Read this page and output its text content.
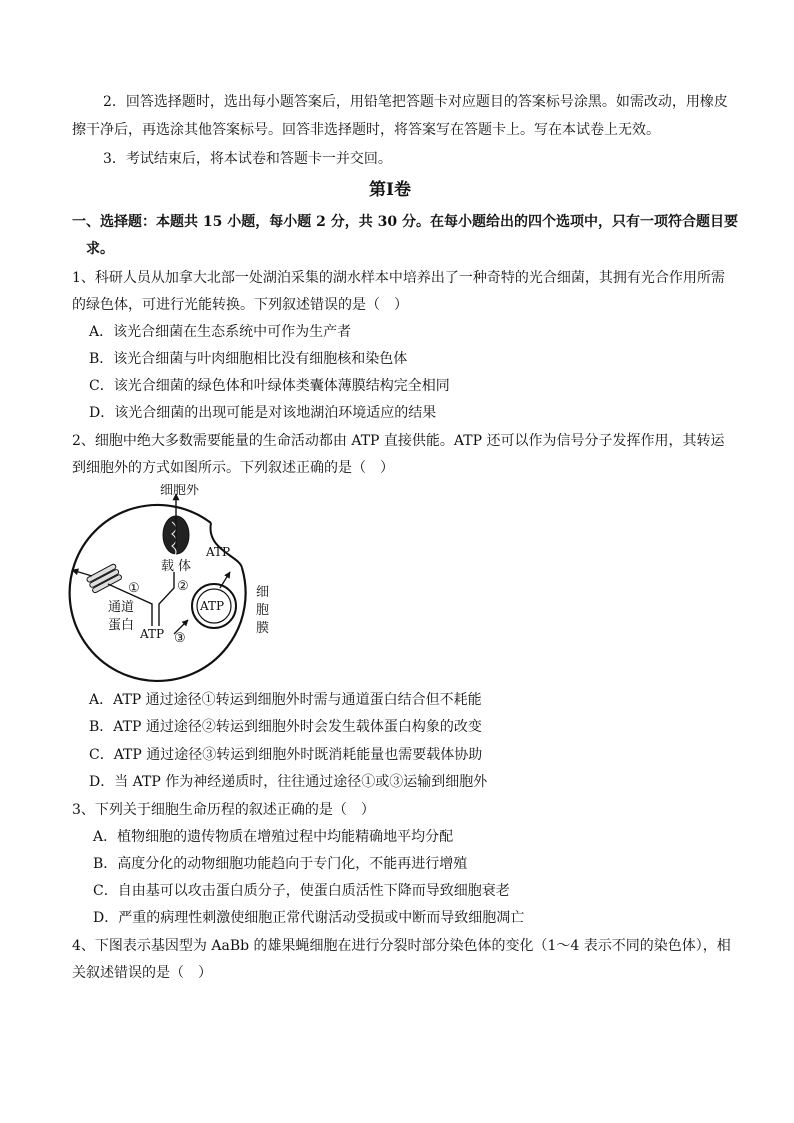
2．回答选择题时，选出每小题答案后，用铅笔把答题卡对应题目的答案标号涂黑。如需改动，用橡皮
擦干净后，再选涂其他答案标号。回答非选择题时，将答案写在答题卡上。写在本试卷上无效。
3．考试结束后，将本试卷和答题卡一并交回。
第Ⅰ卷
一、选择题：本题共 15 小题，每小题 2 分，共 30 分。在每小题给出的四个选项中，只有一项符合题目要
求。
1、科研人员从加拿大北部一处湖泊采集的湖水样本中培养出了一种奇特的光合细菌，其拥有光合作用所需
的绿色体，可进行光能转换。下列叙述错误的是（　）
A．该光合细菌在生态系统中可作为生产者
B．该光合细菌与叶肉细胞相比没有细胞核和染色体
C．该光合细菌的绿色体和叶绿体类囊体薄膜结构完全相同
D．该光合细菌的出现可能是对该地湖泊环境适应的结果
2、细胞中绝大多数需要能量的生命活动都由 ATP 直接供能。ATP 还可以作为信号分子发挥作用，其转运
到细胞外的方式如图所示。下列叙述正确的是（　）
ATP
细胞外
载 体
②
①
通道
蛋白
ATP ③
ATP
细
胞
膜
A．ATP 通过途径①转运到细胞外时需与通道蛋白结合但不耗能
B．ATP 通过途径②转运到细胞外时会发生载体蛋白构象的改变
C．ATP 通过途径③转运到细胞外时既消耗能量也需要载体协助
D．当 ATP 作为神经递质时，往往通过途径①或③运输到细胞外
3、下列关于细胞生命历程的叙述正确的是（　）
A．植物细胞的遗传物质在增殖过程中均能精确地平均分配
B．高度分化的动物细胞功能趋向于专门化，不能再进行增殖
C．自由基可以攻击蛋白质分子，使蛋白质活性下降而导致细胞衰老
D．严重的病理性刺激使细胞正常代谢活动受损或中断而导致细胞凋亡
4、下图表示基因型为 AaBb 的雄果蝇细胞在进行分裂时部分染色体的变化（1～4 表示不同的染色体），相
关叙述错误的是（　）
